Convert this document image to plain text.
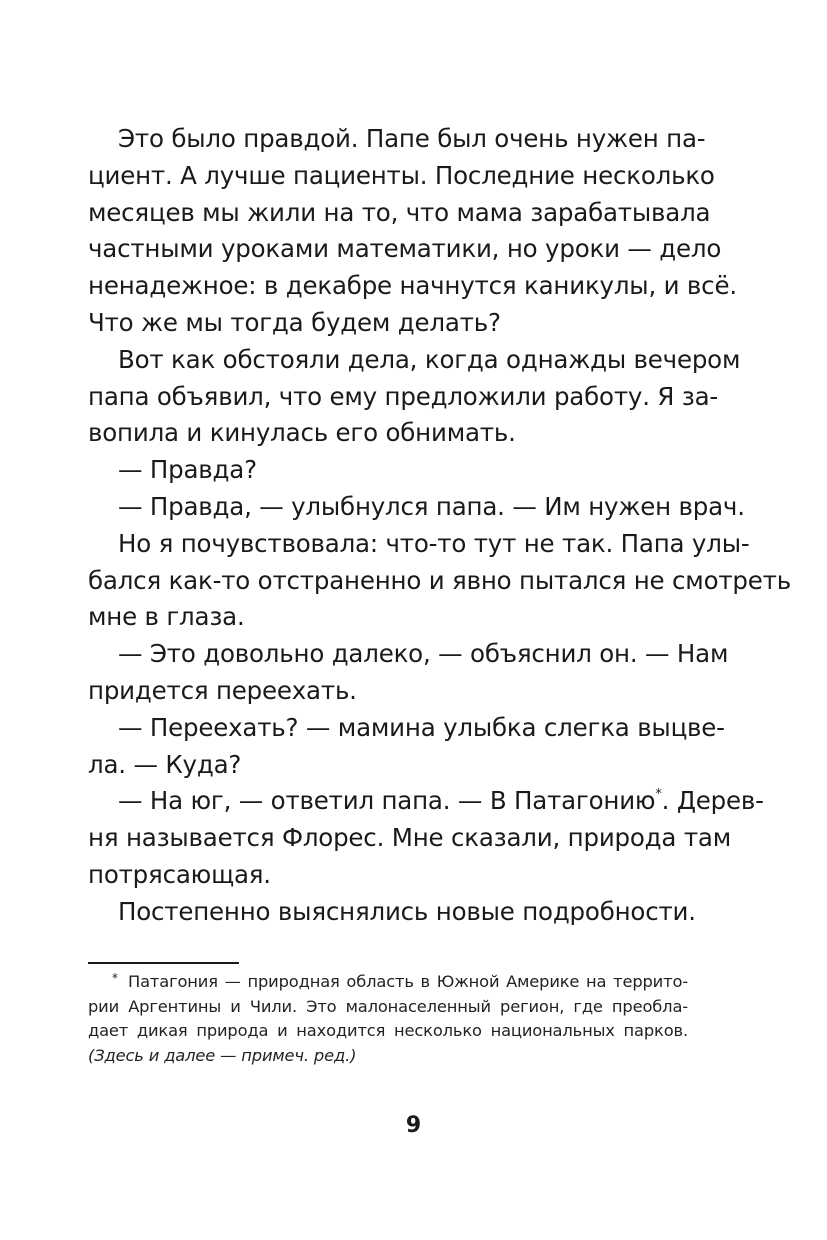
Это было правдой. Папе был очень нужен па-
циент. А лучше пациенты. Последние несколько
месяцев мы жили на то, что мама зарабатывала
частными уроками математики, но уроки — дело
ненадежное: в декабре начнутся каникулы, и всё.
Что же мы тогда будем делать?
Вот как обстояли дела, когда однажды вечером
папа объявил, что ему предложили работу. Я за-
вопила и кинулась его обнимать.
— Правда?
— Правда, — улыбнулся папа. — Им нужен врач.
Но я почувствовала: что-то тут не так. Папа улы-
бался как-то отстраненно и явно пытался не смотреть
мне в глаза.
— Это довольно далеко, — объяснил он. — Нам
придется переехать.
— Переехать? — мамина улыбка слегка выцве-
ла. — Куда?
— На юг, — ответил папа. — В Патагонию*. Дерев-
ня называется Флорес. Мне сказали, природа там
потрясающая.
Постепенно выяснялись новые подробности.
* Патагония — природная область в Южной Америке на террито-
рии Аргентины и Чили. Это малонаселенный регион, где преобла-
дает дикая природа и находится несколько национальных парков.
(Здесь и далее — примеч. ред.)
9
